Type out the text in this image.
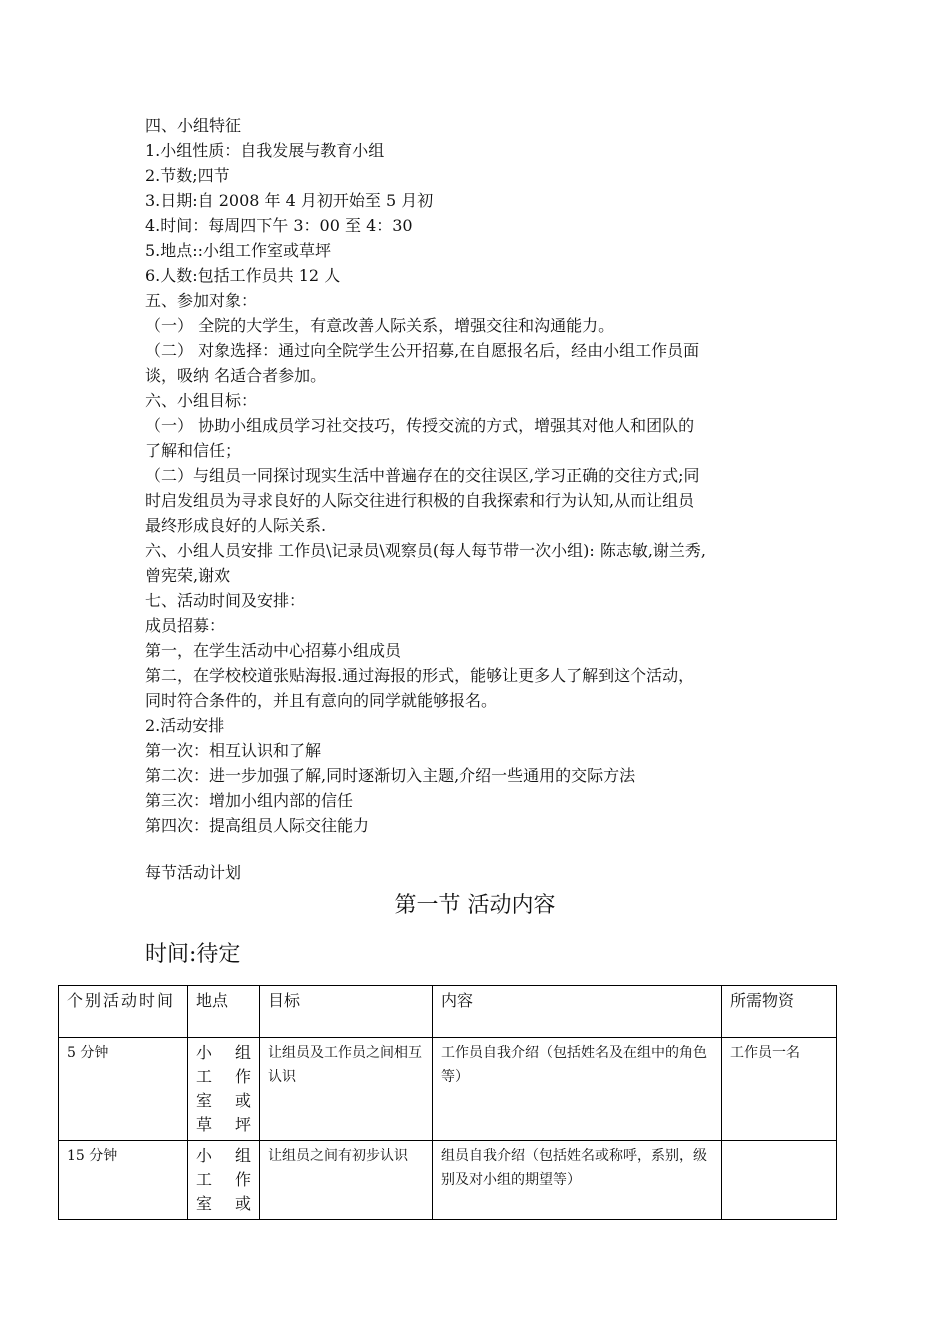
四、小组特征
1.小组性质：自我发展与教育小组
2.节数;四节
3.日期:自 2008 年 4 月初开始至 5 月初
4.时间：每周四下午 3：00 至 4：30
5.地点::小组工作室或草坪
6.人数:包括工作员共 12 人
五、参加对象：
（一） 全院的大学生，有意改善人际关系，增强交往和沟通能力。
（二） 对象选择：通过向全院学生公开招募,在自愿报名后，经由小组工作员面
谈，吸纳 名适合者参加。
六、小组目标：
（一） 协助小组成员学习社交技巧，传授交流的方式，增强其对他人和团队的
了解和信任；
（二）与组员一同探讨现实生活中普遍存在的交往误区,学习正确的交往方式;同
时启发组员为寻求良好的人际交往进行积极的自我探索和行为认知,从而让组员
最终形成良好的人际关系.
六、小组人员安排 工作员\记录员\观察员(每人每节带一次小组): 陈志敏,谢兰秀,
曾宪荣,谢欢
七、活动时间及安排：
成员招募：
第一，在学生活动中心招募小组成员
第二，在学校校道张贴海报.通过海报的形式，能够让更多人了解到这个活动，
同时符合条件的，并且有意向的同学就能够报名。
2.活动安排
第一次：相互认识和了解
第二次：进一步加强了解,同时逐渐切入主题,介绍一些通用的交际方法
第三次：增加小组内部的信任
第四次：提高组员人际交往能力
每节活动计划
第一节 活动内容
时间:待定
个别活动时间	地点	目标	内容	所需物资
5 分钟	小 组
工 作
室 或
草 坪	让组员及工作员之间相互认识	工作员自我介绍（包括姓名及在组中的角色等）	工作员一名
15 分钟	小 组
工 作
室 或	让组员之间有初步认识	组员自我介绍（包括姓名或称呼，系别，级别及对小组的期望等）	
